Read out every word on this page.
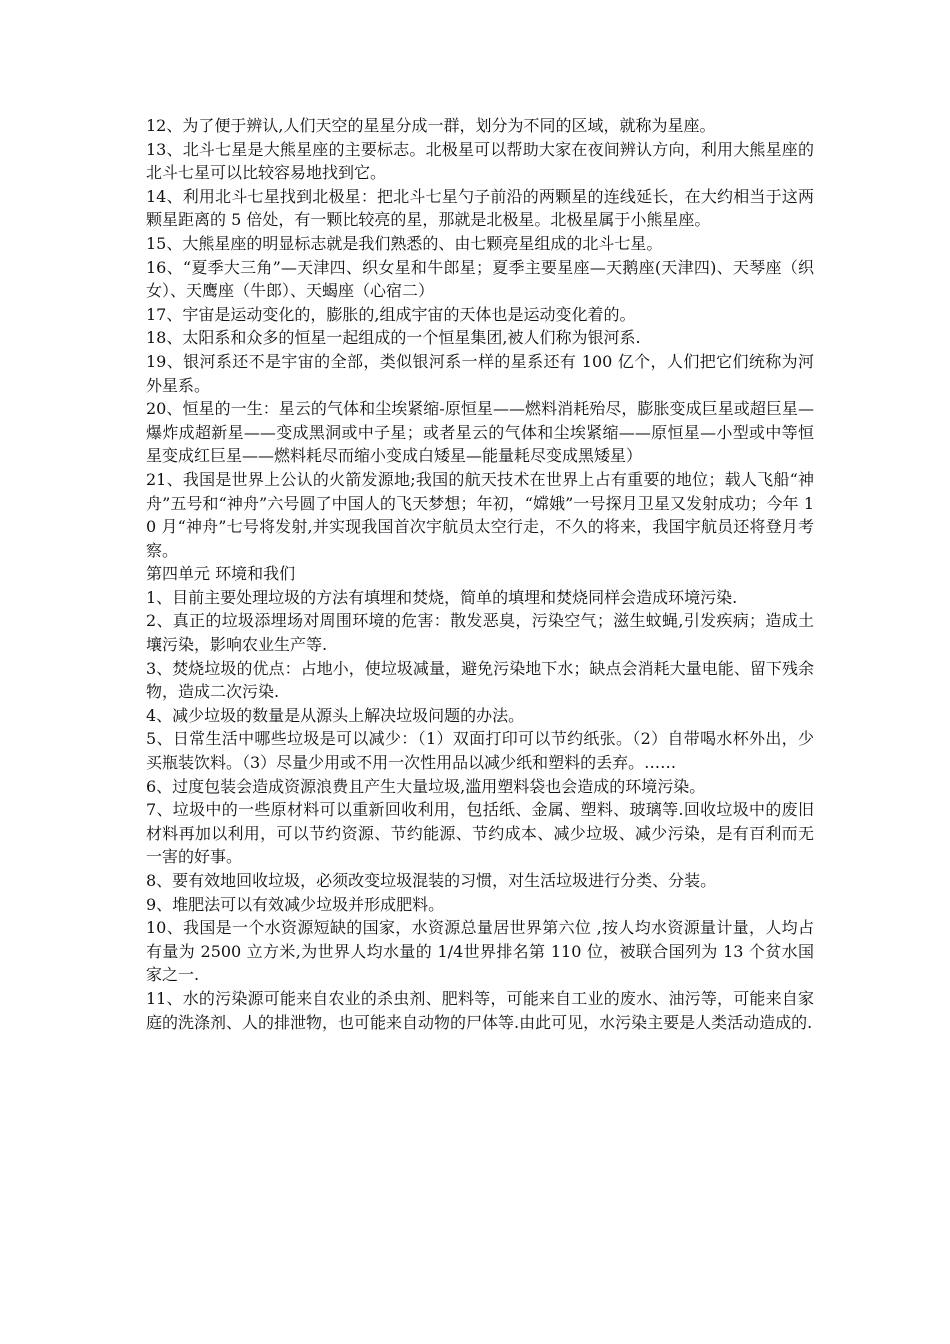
12、为了便于辨认,人们天空的星星分成一群，划分为不同的区域，就称为星座。

13、北斗七星是大熊星座的主要标志。北极星可以帮助大家在夜间辨认方向，利用大熊星座的北斗七星可以比较容易地找到它。

14、利用北斗七星找到北极星：把北斗七星勺子前沿的两颗星的连线延长，在大约相当于这两颗星距离的 5 倍处，有一颗比较亮的星，那就是北极星。北极星属于小熊星座。

15、大熊星座的明显标志就是我们熟悉的、由七颗亮星组成的北斗七星。

16、“夏季大三角”—天津四、织女星和牛郎星；夏季主要星座—天鹅座(天津四)、天琴座（织女）、天鹰座（牛郎）、天蝎座（心宿二）

17、宇宙是运动变化的，膨胀的,组成宇宙的天体也是运动变化着的。

18、太阳系和众多的恒星一起组成的一个恒星集团,被人们称为银河系.

19、银河系还不是宇宙的全部，类似银河系一样的星系还有 100 亿个，人们把它们统称为河外星系。

20、恒星的一生：星云的气体和尘埃紧缩-原恒星——燃料消耗殆尽，膨胀变成巨星或超巨星—爆炸成超新星——变成黑洞或中子星；或者星云的气体和尘埃紧缩——原恒星—小型或中等恒星变成红巨星——燃料耗尽而缩小变成白矮星—能量耗尽变成黑矮星）

21、我国是世界上公认的火箭发源地;我国的航天技术在世界上占有重要的地位；载人飞船“神舟”五号和“神舟”六号圆了中国人的飞天梦想；年初，“嫦娥”一号探月卫星又发射成功；今年 10 月“神舟”七号将发射,并实现我国首次宇航员太空行走，不久的将来，我国宇航员还将登月考察。

第四单元 环境和我们

1、目前主要处理垃圾的方法有填埋和焚烧，简单的填埋和焚烧同样会造成环境污染.

2、真正的垃圾添埋场对周围环境的危害：散发恶臭，污染空气；滋生蚊蝇,引发疾病；造成土壤污染，影响农业生产等.

3、焚烧垃圾的优点：占地小，使垃圾减量，避免污染地下水；缺点会消耗大量电能、留下残余物，造成二次污染.

4、减少垃圾的数量是从源头上解决垃圾问题的办法。

5、日常生活中哪些垃圾是可以减少：（1）双面打印可以节约纸张。（2）自带喝水杯外出，少买瓶装饮料。（3）尽量少用或不用一次性用品以减少纸和塑料的丢弃。……

6、过度包装会造成资源浪费且产生大量垃圾,滥用塑料袋也会造成的环境污染。

7、垃圾中的一些原材料可以重新回收利用，包括纸、金属、塑料、玻璃等.回收垃圾中的废旧材料再加以利用，可以节约资源、节约能源、节约成本、减少垃圾、减少污染，是有百利而无一害的好事。

8、要有效地回收垃圾，必须改变垃圾混装的习惯，对生活垃圾进行分类、分装。

9、堆肥法可以有效减少垃圾并形成肥料。

10、我国是一个水资源短缺的国家，水资源总量居世界第六位 ,按人均水资源量计量，人均占有量为 2500 立方米,为世界人均水量的 1/4世界排名第 110 位，被联合国列为 13 个贫水国家之一.

11、水的污染源可能来自农业的杀虫剂、肥料等，可能来自工业的废水、油污等，可能来自家庭的洗涤剂、人的排泄物，也可能来自动物的尸体等.由此可见，水污染主要是人类活动造成的.
